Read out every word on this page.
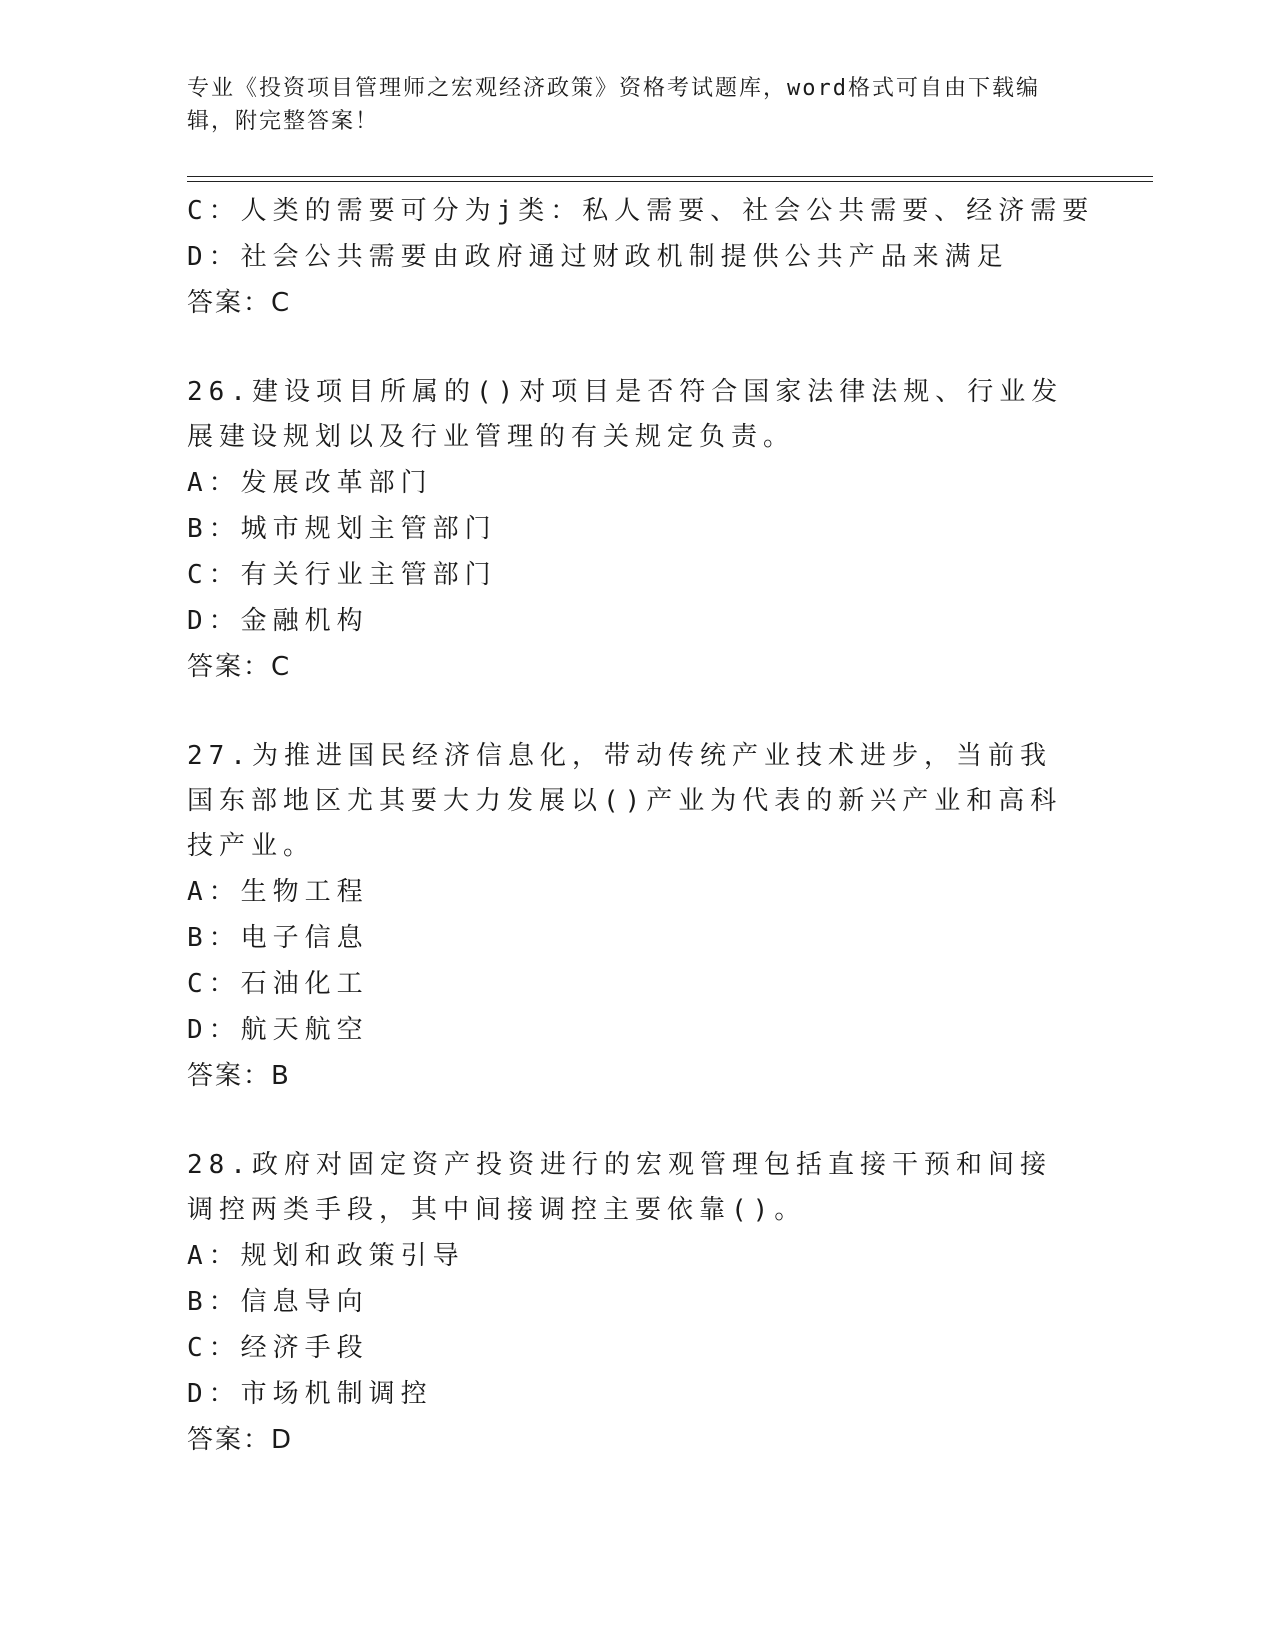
专业《投资项目管理师之宏观经济政策》资格考试题库，word格式可自由下载编辑，附完整答案！
C：人类的需要可分为j类：私人需要、社会公共需要、经济需要
D：社会公共需要由政府通过财政机制提供公共产品来满足
答案：C
26.建设项目所属的()对项目是否符合国家法律法规、行业发展建设规划以及行业管理的有关规定负责。
A：发展改革部门
B：城市规划主管部门
C：有关行业主管部门
D：金融机构
答案：C
27.为推进国民经济信息化，带动传统产业技术进步，当前我国东部地区尤其要大力发展以()产业为代表的新兴产业和高科技产业。
A：生物工程
B：电子信息
C：石油化工
D：航天航空
答案：B
28.政府对固定资产投资进行的宏观管理包括直接干预和间接调控两类手段，其中间接调控主要依靠()。
A：规划和政策引导
B：信息导向
C：经济手段
D：市场机制调控
答案：D
